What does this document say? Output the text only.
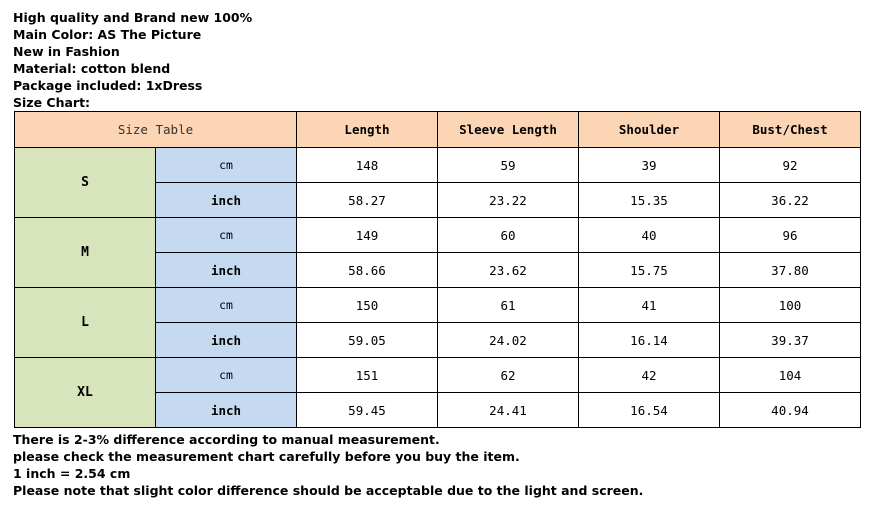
High quality and Brand new 100%
Main Color: AS The Picture
New in Fashion
Material: cotton blend
Package included: 1xDress
Size Chart:
Size Table		Length	Sleeve Length	Shoulder	Bust/Chest
S	cm	148	59	39	92
	inch	58.27	23.22	15.35	36.22
M	cm	149	60	40	96
	inch	58.66	23.62	15.75	37.80
L	cm	150	61	41	100
	inch	59.05	24.02	16.14	39.37
XL	cm	151	62	42	104
	inch	59.45	24.41	16.54	40.94
There is 2-3% difference according to manual measurement.
please check the measurement chart carefully before you buy the item.
1 inch = 2.54 cm
Please note that slight color difference should be acceptable due to the light and screen.
